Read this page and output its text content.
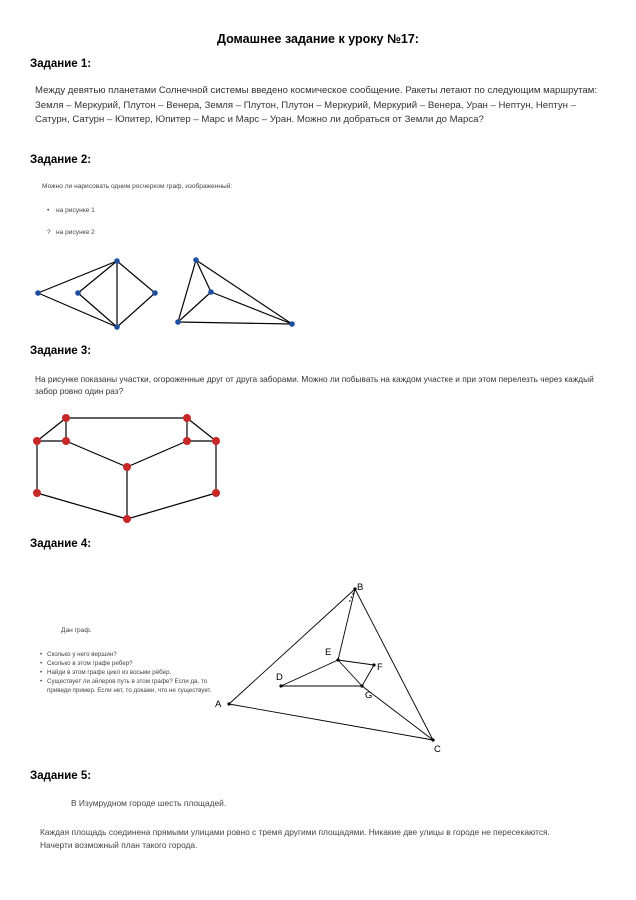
Домашнее задание к уроку №17:
Задание 1:
Между девятью планетами Солнечной системы введено космическое сообщение. Ракеты летают по следующим маршрутам: Земля – Меркурий, Плутон – Венера, Земля – Плутон, Плутон – Меркурий, Меркурий – Венера, Уран – Нептун, Нептун – Сатурн, Сатурн – Юпитер, Юпитер – Марс и Марс – Уран. Можно ли добраться от Земли до Марса?
Задание 2:
Можно ли нарисовать одним росчерком граф, изображенный:
• на рисунке 1
? на рисунке 2
Задание 3:
На рисунке показаны участки, огороженные друг от друга заборами. Можно ли побывать на каждом участке и при этом перелезть через каждый забор ровно один раз?
Задание 4:
Дан граф.
• Сколько у него вершин?
• Сколько в этом графе ребер?
• Найди в этом графе цикл из восьми рёбер.
• Существует ли эйлеров путь в этом графе? Если да, то приведи пример. Если нет, то докажи, что не существует.
Задание 5:
В Изумрудном городе шесть площадей.
Каждая площадь соединена прямыми улицами ровно с тремя другими площадями. Никакие две улицы в городе не пересекаются. Начерти возможный план такого города.
A
B
C
D
E
F
G
